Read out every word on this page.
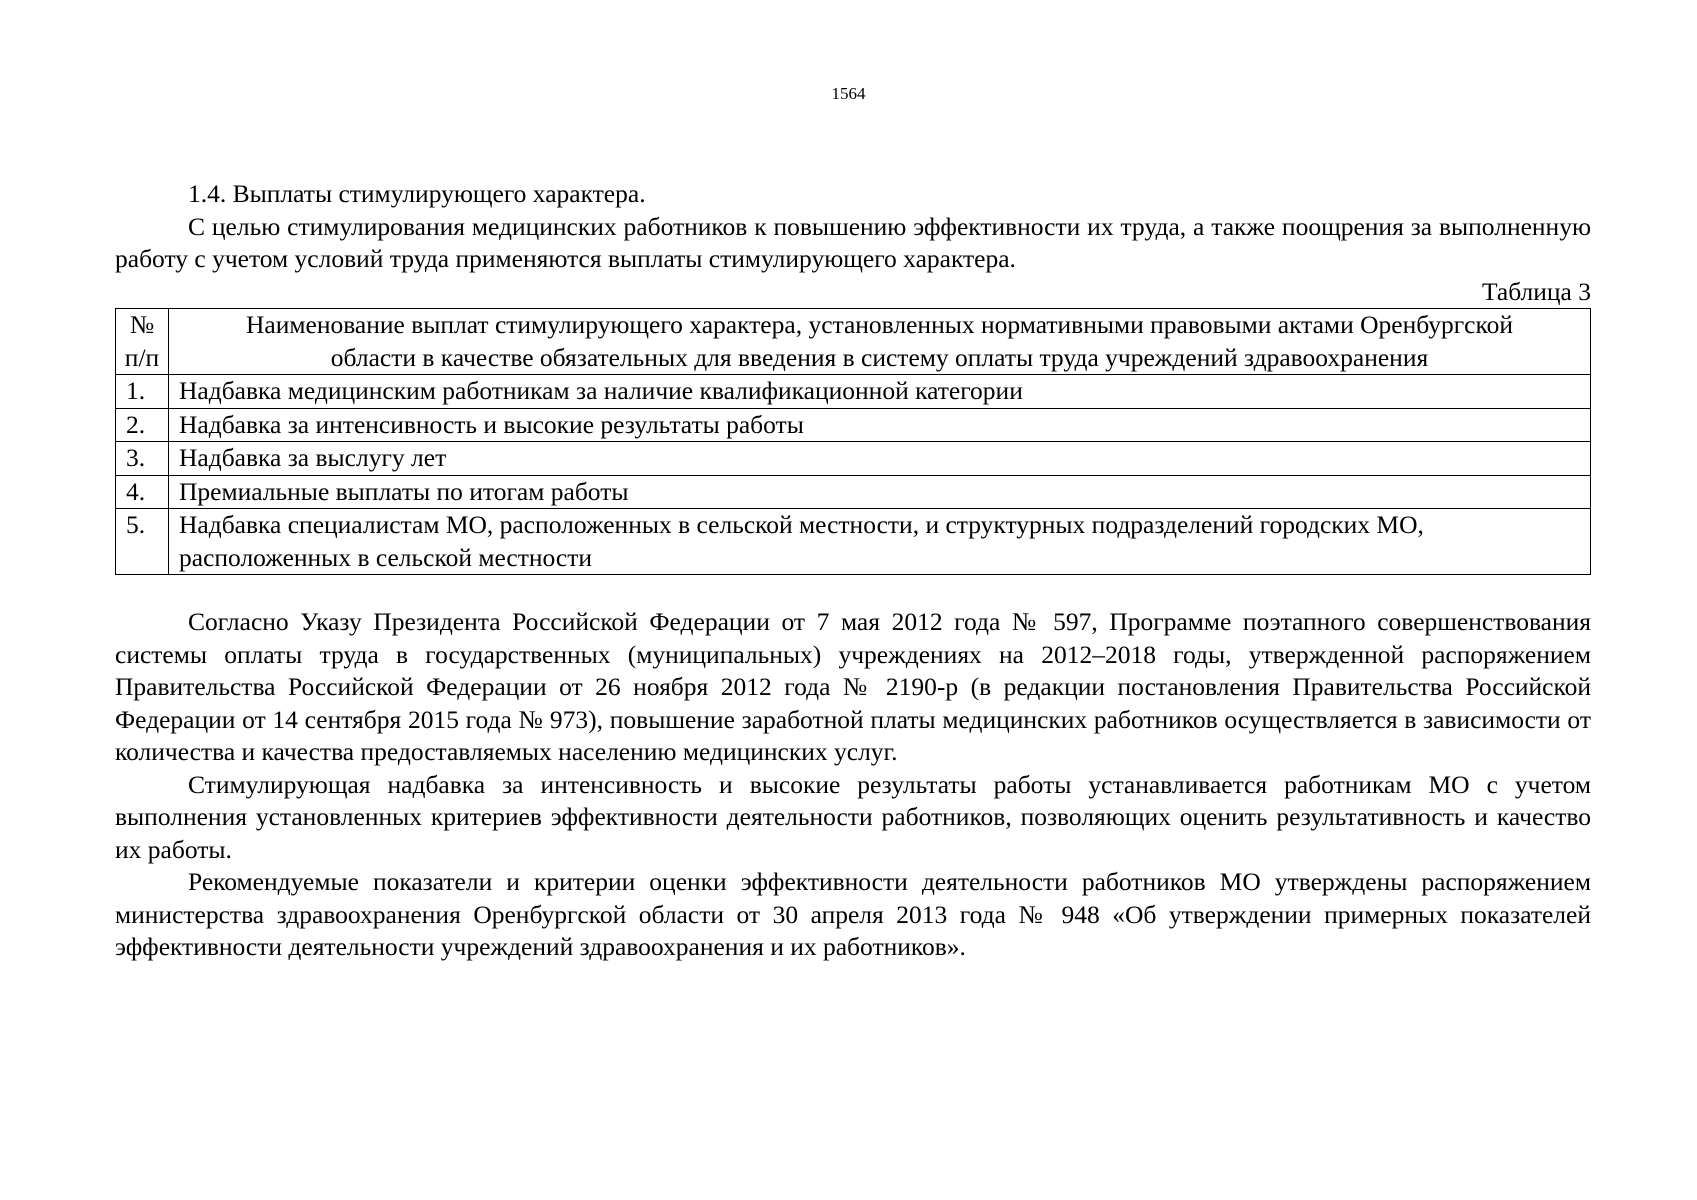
1564

1.4. Выплаты стимулирующего характера.

С целью стимулирования медицинских работников к повышению эффективности их труда, а также поощрения за выполненную работу с учетом условий труда применяются выплаты стимулирующего характера.

Таблица 3
№
п/п	Наименование выплат стимулирующего характера, установленных нормативными правовыми актами Оренбургской области в качестве обязательных для введения в систему оплаты труда учреждений здравоохранения
1.	Надбавка медицинским работникам за наличие квалификационной категории
2.	Надбавка за интенсивность и высокие результаты работы
3.	Надбавка за выслугу лет
4.	Премиальные выплаты по итогам работы
5.	Надбавка специалистам МО, расположенных в сельской местности, и структурных подразделений городских МО, расположенных в сельской местности

Согласно Указу Президента Российской Федерации от 7 мая 2012 года № 597, Программе поэтапного совершенствования системы оплаты труда в государственных (муниципальных) учреждениях на 2012–2018 годы, утвержденной распоряжением Правительства Российской Федерации от 26 ноября 2012 года № 2190-р (в редакции постановления Правительства Российской Федерации от 14 сентября 2015 года № 973), повышение заработной платы медицинских работников осуществляется в зависимости от количества и качества предоставляемых населению медицинских услуг.

Стимулирующая надбавка за интенсивность и высокие результаты работы устанавливается работникам МО с учетом выполнения установленных критериев эффективности деятельности работников, позволяющих оценить результативность и качество их работы.

Рекомендуемые показатели и критерии оценки эффективности деятельности работников МО утверждены распоряжением министерства здравоохранения Оренбургской области от 30 апреля 2013 года № 948 «Об утверждении примерных показателей эффективности деятельности учреждений здравоохранения и их работников».
